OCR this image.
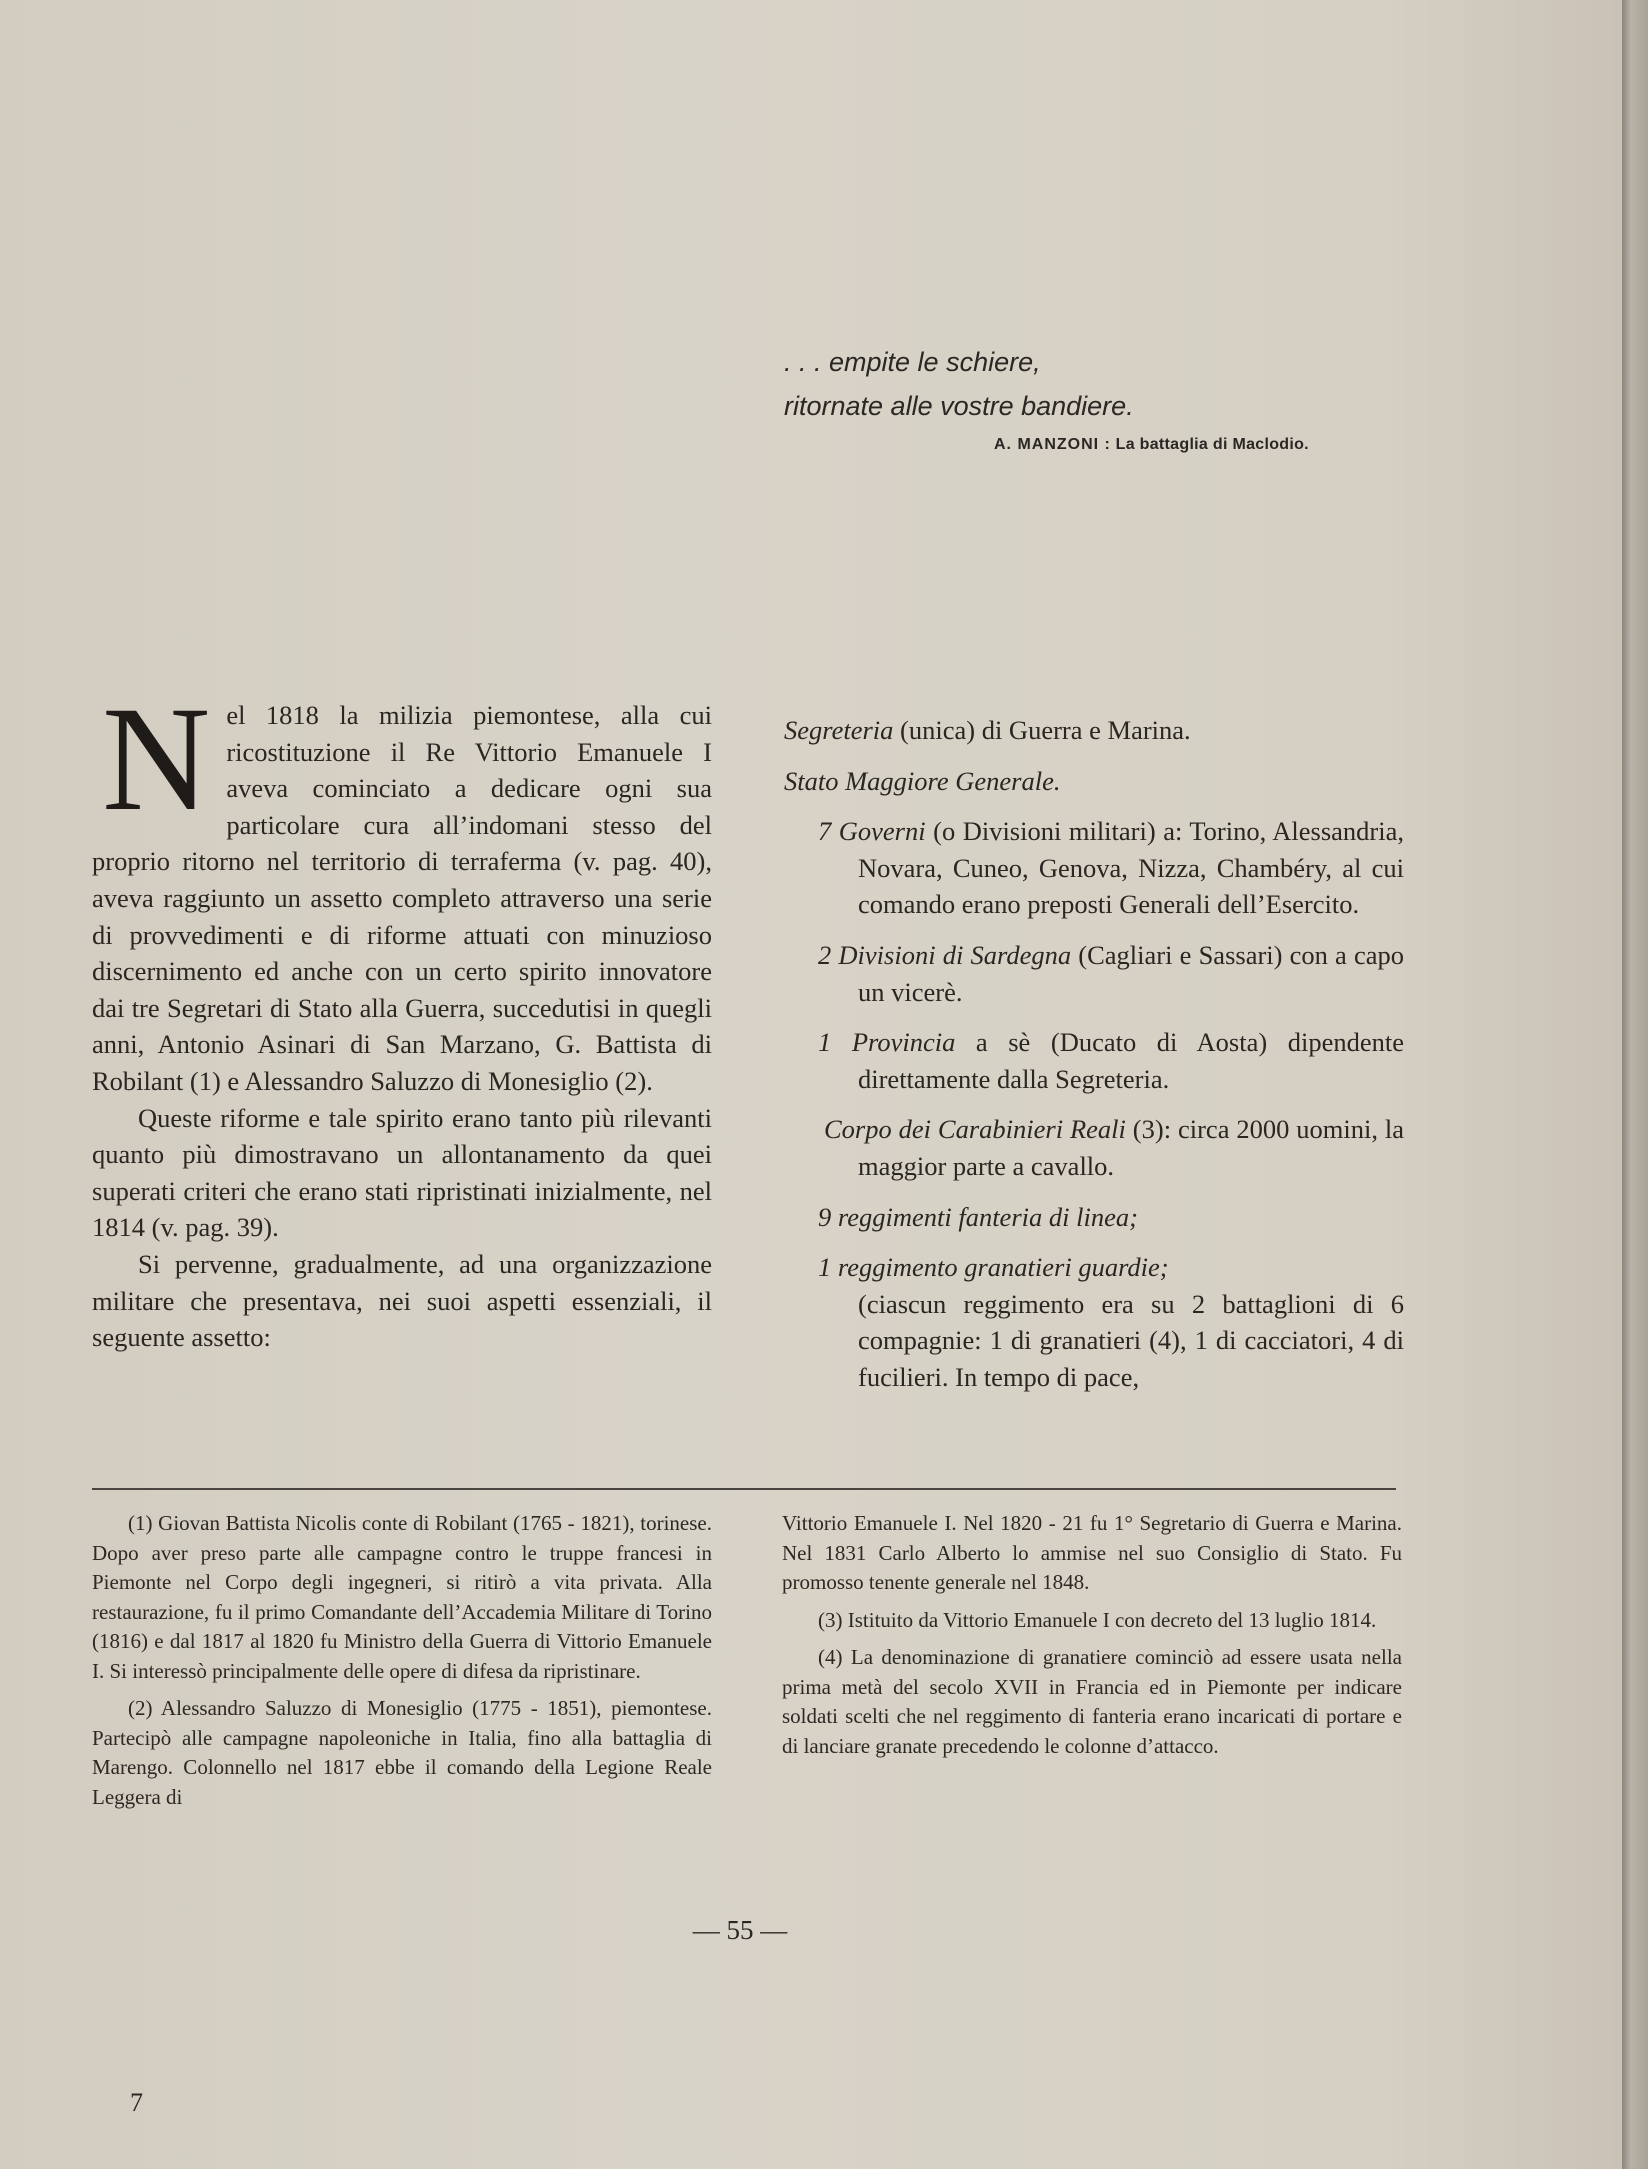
. . . empite le schiere,
ritornate alle vostre bandiere.
A. MANZONI : La battaglia di Maclodio.

Nel 1818 la milizia piemontese, alla cui ricostituzione il Re Vittorio Emanuele I aveva cominciato a dedicare ogni sua particolare cura all’indomani stesso del proprio ritorno nel territorio di terraferma (v. pag. 40), aveva raggiunto un assetto completo attraverso una serie di provvedimenti e di riforme attuati con minuzioso discernimento ed anche con un certo spirito innovatore dai tre Segretari di Stato alla Guerra, succedutisi in quegli anni, Antonio Asinari di San Marzano, G. Battista di Robilant (1) e Alessandro Saluzzo di Monesiglio (2).

Queste riforme e tale spirito erano tanto più rilevanti quanto più dimostravano un allontanamento da quei superati criteri che erano stati ripristinati inizialmente, nel 1814 (v. pag. 39).

Si pervenne, gradualmente, ad una organizzazione militare che presentava, nei suoi aspetti essenziali, il seguente assetto:

Segreteria (unica) di Guerra e Marina.

Stato Maggiore Generale.

7 Governi (o Divisioni militari) a: Torino, Alessandria, Novara, Cuneo, Genova, Nizza, Chambéry, al cui comando erano preposti Generali dell’Esercito.

2 Divisioni di Sardegna (Cagliari e Sassari) con a capo un vicerè.

1 Provincia a sè (Ducato di Aosta) dipendente direttamente dalla Segreteria.

Corpo dei Carabinieri Reali (3): circa 2000 uomini, la maggior parte a cavallo.

9 reggimenti fanteria di linea;

1 reggimento granatieri guardie;

(ciascun reggimento era su 2 battaglioni di 6 compagnie: 1 di granatieri (4), 1 di cacciatori, 4 di fucilieri. In tempo di pace,

(1) Giovan Battista Nicolis conte di Robilant (1765 - 1821), torinese. Dopo aver preso parte alle campagne contro le truppe francesi in Piemonte nel Corpo degli ingegneri, si ritirò a vita privata. Alla restaurazione, fu il primo Comandante dell’Accademia Militare di Torino (1816) e dal 1817 al 1820 fu Ministro della Guerra di Vittorio Emanuele I. Si interessò principalmente delle opere di difesa da ripristinare.

(2) Alessandro Saluzzo di Monesiglio (1775 - 1851), piemontese. Partecipò alle campagne napoleoniche in Italia, fino alla battaglia di Marengo. Colonnello nel 1817 ebbe il comando della Legione Reale Leggera di

Vittorio Emanuele I. Nel 1820 - 21 fu 1° Segretario di Guerra e Marina. Nel 1831 Carlo Alberto lo ammise nel suo Consiglio di Stato. Fu promosso tenente generale nel 1848.

(3) Istituito da Vittorio Emanuele I con decreto del 13 luglio 1814.

(4) La denominazione di granatiere cominciò ad essere usata nella prima metà del secolo XVII in Francia ed in Piemonte per indicare soldati scelti che nel reggimento di fanteria erano incaricati di portare e di lanciare granate precedendo le colonne d’attacco.

— 55 —
7
